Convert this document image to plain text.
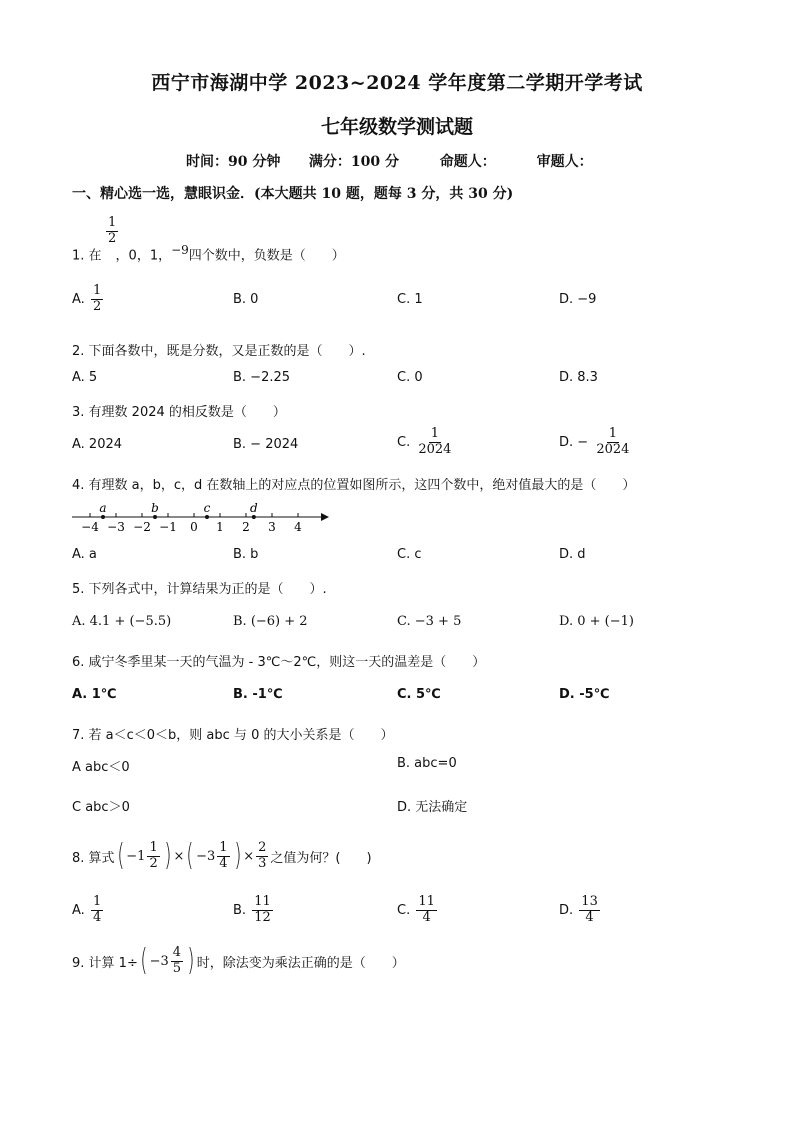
西宁市海湖中学 2023~2024 学年度第二学期开学考试
七年级数学测试题
时间：90 分钟 满分：100 分	命题人：	审题人：
一、精心选一选，慧眼识金．(本大题共 10 题，题每 3 分，共 30 分)
1. 在 ，0，1，$^{-9}$四个数中，负数是（　　）
$\frac{1}{2}$
A. $\frac{1}{2}$	B. 0	C. 1	D. −9
2. 下面各数中，既是分数，又是正数的是（　　）.
A. 5	B. −2.25	C. 0	D. 8.3
3. 有理数 2024 的相反数是（　　）
A. 2024	B. − 2024	C. $\frac{1}{2024}$	D. − $\frac{1}{2024}$
4. 有理数 a，b，c，d 在数轴上的对应点的位置如图所示，这四个数中，绝对值最大的是（　　）
−4 −3 −2 −1 0 1 2 3 4
a	b	c	d
A. a	B. b	C. c	D. d
5. 下列各式中，计算结果为正的是（　　）.
A. 4.1 + (−5.5)	B. (−6) + 2	C. −3 + 5	D. 0 + (−1)
6. 咸宁冬季里某一天的气温为 - 3℃～2℃，则这一天的温差是（　　）
A. 1℃	B. -1℃	C. 5℃	D. -5℃
7. 若 a＜c＜0＜b，则 abc 与 0 的大小关系是（　　）
A abc＜0	B. abc=0
C abc＞0	D. 无法确定
8. 算式 ( −1
1
2 ) × ( −3
1
4 ) × $\frac{2}{3}$ 之值为何？(　　)
A. $\frac{1}{4}$	B. $\frac{11}{12}$	C. $\frac{11}{4}$	D. $\frac{13}{4}$
9. 计算 1÷ ( −3
4
5 ) 时，除法变为乘法正确的是（　　）
